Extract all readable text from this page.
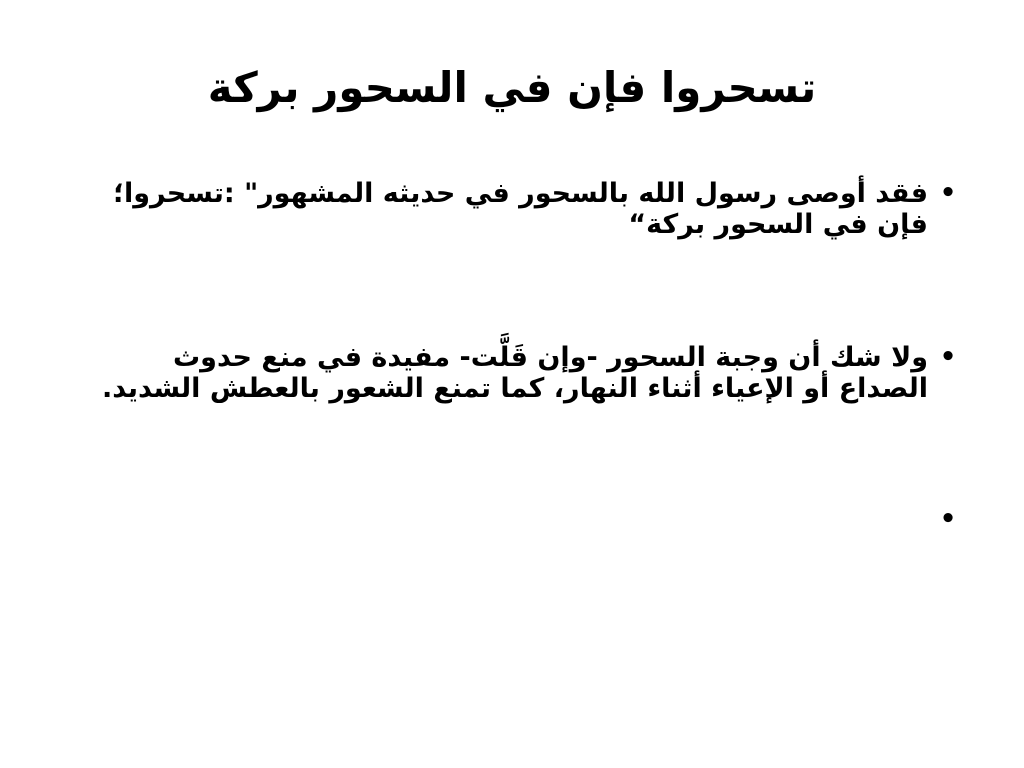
تسحروا فإن في السحور بركة
•
فقد أوصى رسول الله بالسحور في حديثه المشهور" :تسحروا؛ فإن في السحور بركة“
•
ولا شك أن وجبة السحور -وإن قَلَّت- مفيدة في منع حدوث الصداع أو الإعياء أثناء النهار، كما تمنع الشعور بالعطش الشديد.
•
